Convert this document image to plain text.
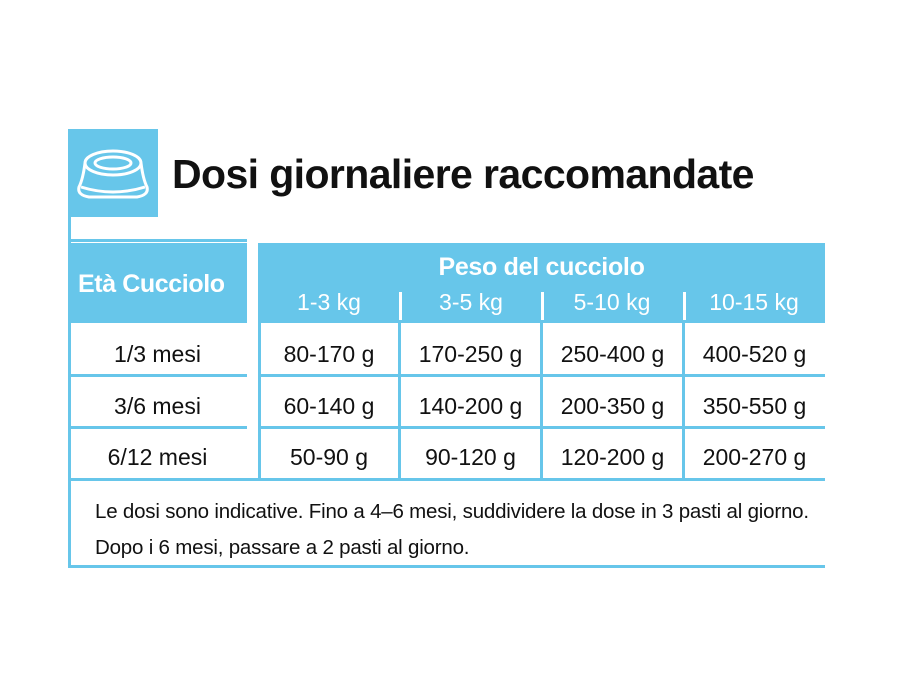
Dosi giornaliere raccomandate
Età Cucciolo
Peso del cucciolo
1-3 kg	3-5 kg	5-10 kg	10-15 kg
1/3 mesi	80-170 g	170-250 g	250-400 g	400-520 g
3/6 mesi	60-140 g	140-200 g	200-350 g	350-550 g
6/12 mesi	50-90 g	90-120 g	120-200 g	200-270 g
Le dosi sono indicative. Fino a 4–6 mesi, suddividere la dose in 3 pasti al giorno.
Dopo i 6 mesi, passare a 2 pasti al giorno.
